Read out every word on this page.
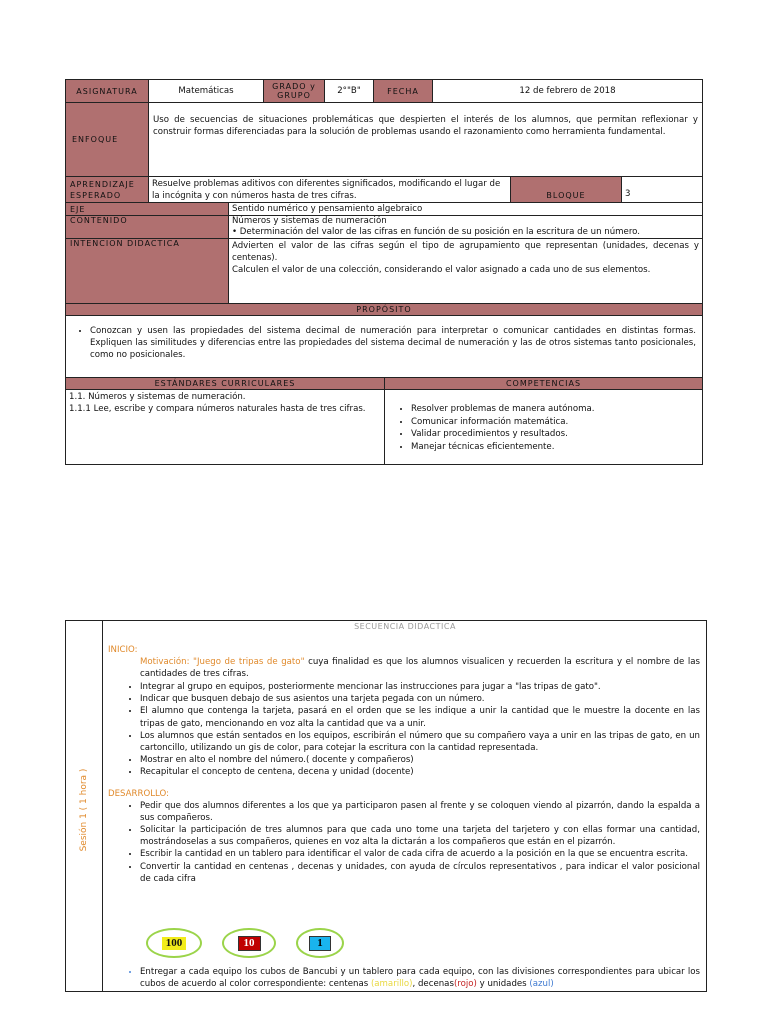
ASIGNATURA	Matemáticas	GRADO y GRUPO	2°"B"	FECHA	12 de febrero de 2018
ENFOQUE
Uso de secuencias de situaciones problemáticas que despierten el interés de los alumnos, que permitan reflexionar y construir formas diferenciadas para la solución de problemas usando el razonamiento como herramienta fundamental.
APRENDIZAJE ESPERADO
Resuelve problemas aditivos con diferentes significados, modificando el lugar de la incógnita y con números hasta de tres cifras.	BLOQUE	3
EJE	Sentido numérico y pensamiento algebraico
CONTENIDO	Números y sistemas de numeración
• Determinación del valor de las cifras en función de su posición en la escritura de un número.
INTENCION DIDACTICA	Advierten el valor de las cifras según el tipo de agrupamiento que representan (unidades, decenas y centenas).
Calculen el valor de una colección, considerando el valor asignado a cada uno de sus elementos.
PROPÓSITO
• Conozcan y usen las propiedades del sistema decimal de numeración para interpretar o comunicar cantidades en distintas formas. Expliquen las similitudes y diferencias entre las propiedades del sistema decimal de numeración y las de otros sistemas tanto posicionales, como no posicionales.
ESTÁNDARES CURRICULARES	COMPETENCIAS
1.1. Números y sistemas de numeración.
1.1.1 Lee, escribe y compara números naturales hasta de tres cifras.
•	Resolver problemas de manera autónoma.
• Comunicar información matemática.
• Validar procedimientos y resultados.
• Manejar técnicas eficientemente.
Sesión 1 ( 1 hora )
SECUENCIA DIDACTICA
INICIO:
Motivación: "Juego de tripas de gato" cuya finalidad es que los alumnos visualicen y recuerden la escritura y el nombre de las cantidades de tres cifras.
• Integrar al grupo en equipos, posteriormente mencionar las instrucciones para jugar a "las tripas de gato".
• Indicar que busquen debajo de sus asientos una tarjeta pegada con un número.
• El alumno que contenga la tarjeta, pasará en el orden que se les indique a unir la cantidad que le muestre la docente en las tripas de gato, mencionando en voz alta la cantidad que va a unir.
• Los alumnos que están sentados en los equipos, escribirán el número que su compañero vaya a unir en las tripas de gato, en un cartoncillo, utilizando un gis de color, para cotejar la escritura con la cantidad representada.
• Mostrar en alto el nombre del número.( docente y compañeros)
• Recapitular el concepto de centena, decena y unidad (docente)
DESARROLLO:
• Pedir que dos alumnos diferentes a los que ya participaron pasen al frente y se coloquen viendo al pizarrón, dando la espalda a sus compañeros.
• Solicitar la participación de tres alumnos para que cada uno tome una tarjeta del tarjetero y con ellas formar una cantidad, mostrándoselas a sus compañeros, quienes en voz alta la dictarán a los compañeros que están en el pizarrón.
• Escribir la cantidad en un tablero para identificar el valor de cada cifra de acuerdo a la posición en la que se encuentra escrita.
• Convertir la cantidad en centenas , decenas y unidades, con ayuda de círculos representativos , para indicar el valor posicional de cada cifra
100	10	1
• Entregar a cada equipo los cubos de Bancubi y un tablero para cada equipo, con las divisiones correspondientes para ubicar los cubos de acuerdo al color correspondiente: centenas (amarillo), decenas(rojo) y unidades (azul)
